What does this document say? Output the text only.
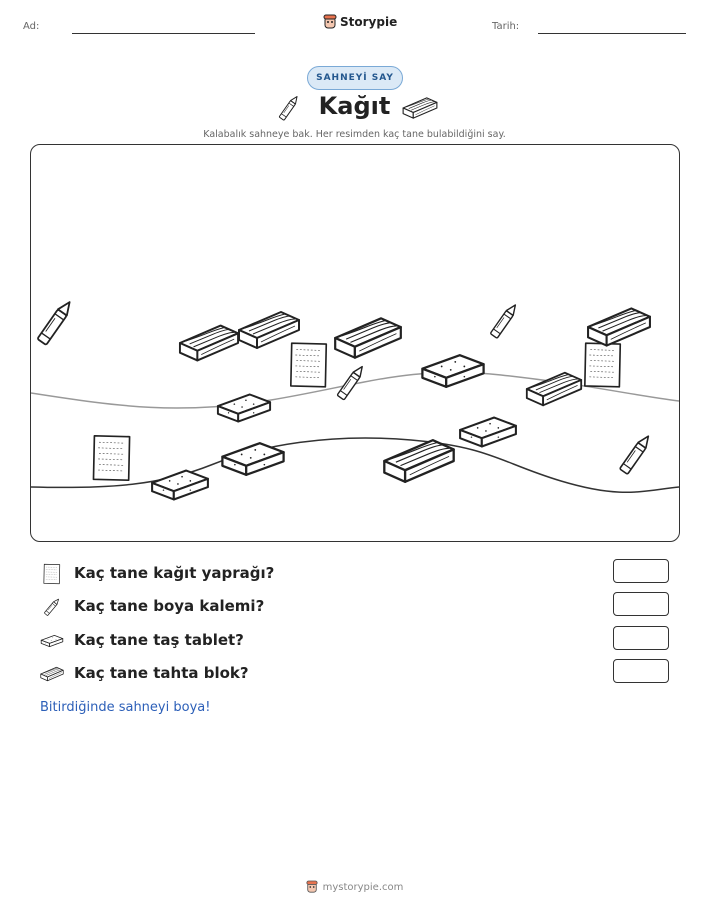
Ad:	Storypie	Tarih:
SAHNEYİ SAY
Kağıt
Kalabalık sahneye bak. Her resimden kaç tane bulabildiğini say.
Kaç tane kağıt yaprağı?
Kaç tane boya kalemi?
Kaç tane taş tablet?
Kaç tane tahta blok?
Bitirdiğinde sahneyi boya!
mystorypie.com
